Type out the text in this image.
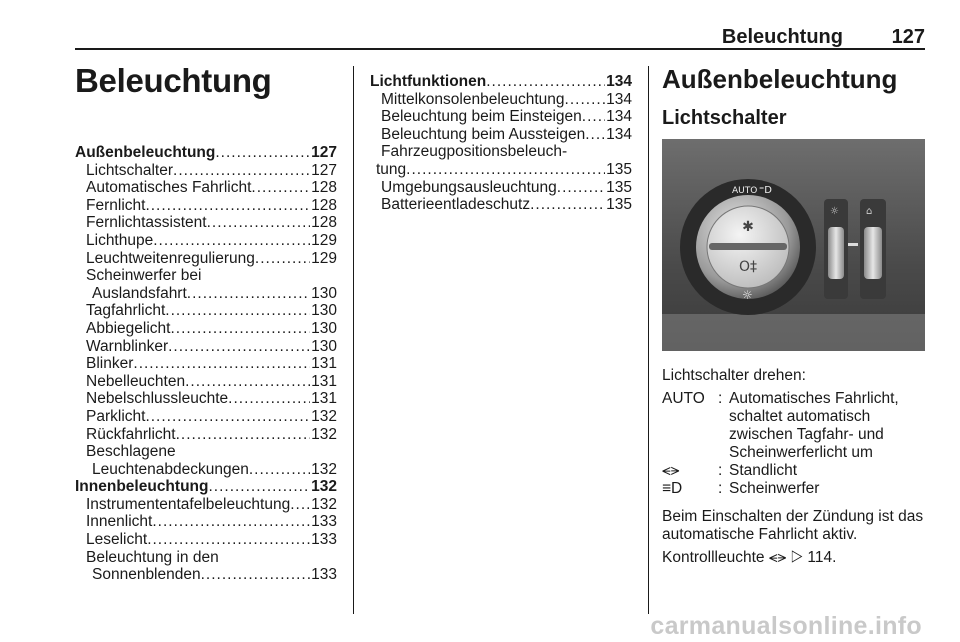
Beleuchtung 127
Beleuchtung
Außenbeleuchtung .....	127
Lichtschalter .....	127
Automatisches Fahrlicht .....	128
Fernlicht .....	128
Fernlichtassistent .....	128
Lichthupe .....	129
Leuchtweitenregulierung .....	129
Scheinwerfer bei
Auslandsfahrt .....	130
Tagfahrlicht .....	130
Abbiegelicht .....	130
Warnblinker .....	130
Blinker .....	131
Nebelleuchten .....	131
Nebelschlussleuchte .....	131
Parklicht .....	132
Rückfahrlicht .....	132
Beschlagene
Leuchtenabdeckungen .....	132
Innenbeleuchtung .....	132
Instrumententafelbeleuchtung ..... 132
Innenlicht .....	133
Leselicht .....	133
Beleuchtung in den
Sonnenblenden .....	133
Lichtfunktionen .....	134
Mittelkonsolenbeleuchtung .....	134
Beleuchtung beim Einsteigen ..... 134
Beleuchtung beim Aussteigen ..... 134
Fahrzeugpositionsbeleuch-
tung .....	135
Umgebungsausleuchtung .....	135
Batterieentladeschutz .....	135
Außenbeleuchtung
Lichtschalter
✱
O‡
AUTO ⁼D
☼
☼	⌂
Lichtschalter drehen:
AUTO : Automatisches Fahrlicht, schaltet automatisch zwischen Tagfahr- und Scheinwerferlicht um
⪪⪫	: Standlicht
≡D	: Scheinwerfer
Beim Einschalten der Zündung ist das automatische Fahrlicht aktiv.
Kontrollleuchte ⪪⪫ ▷ 114.
carmanualsonline.info
